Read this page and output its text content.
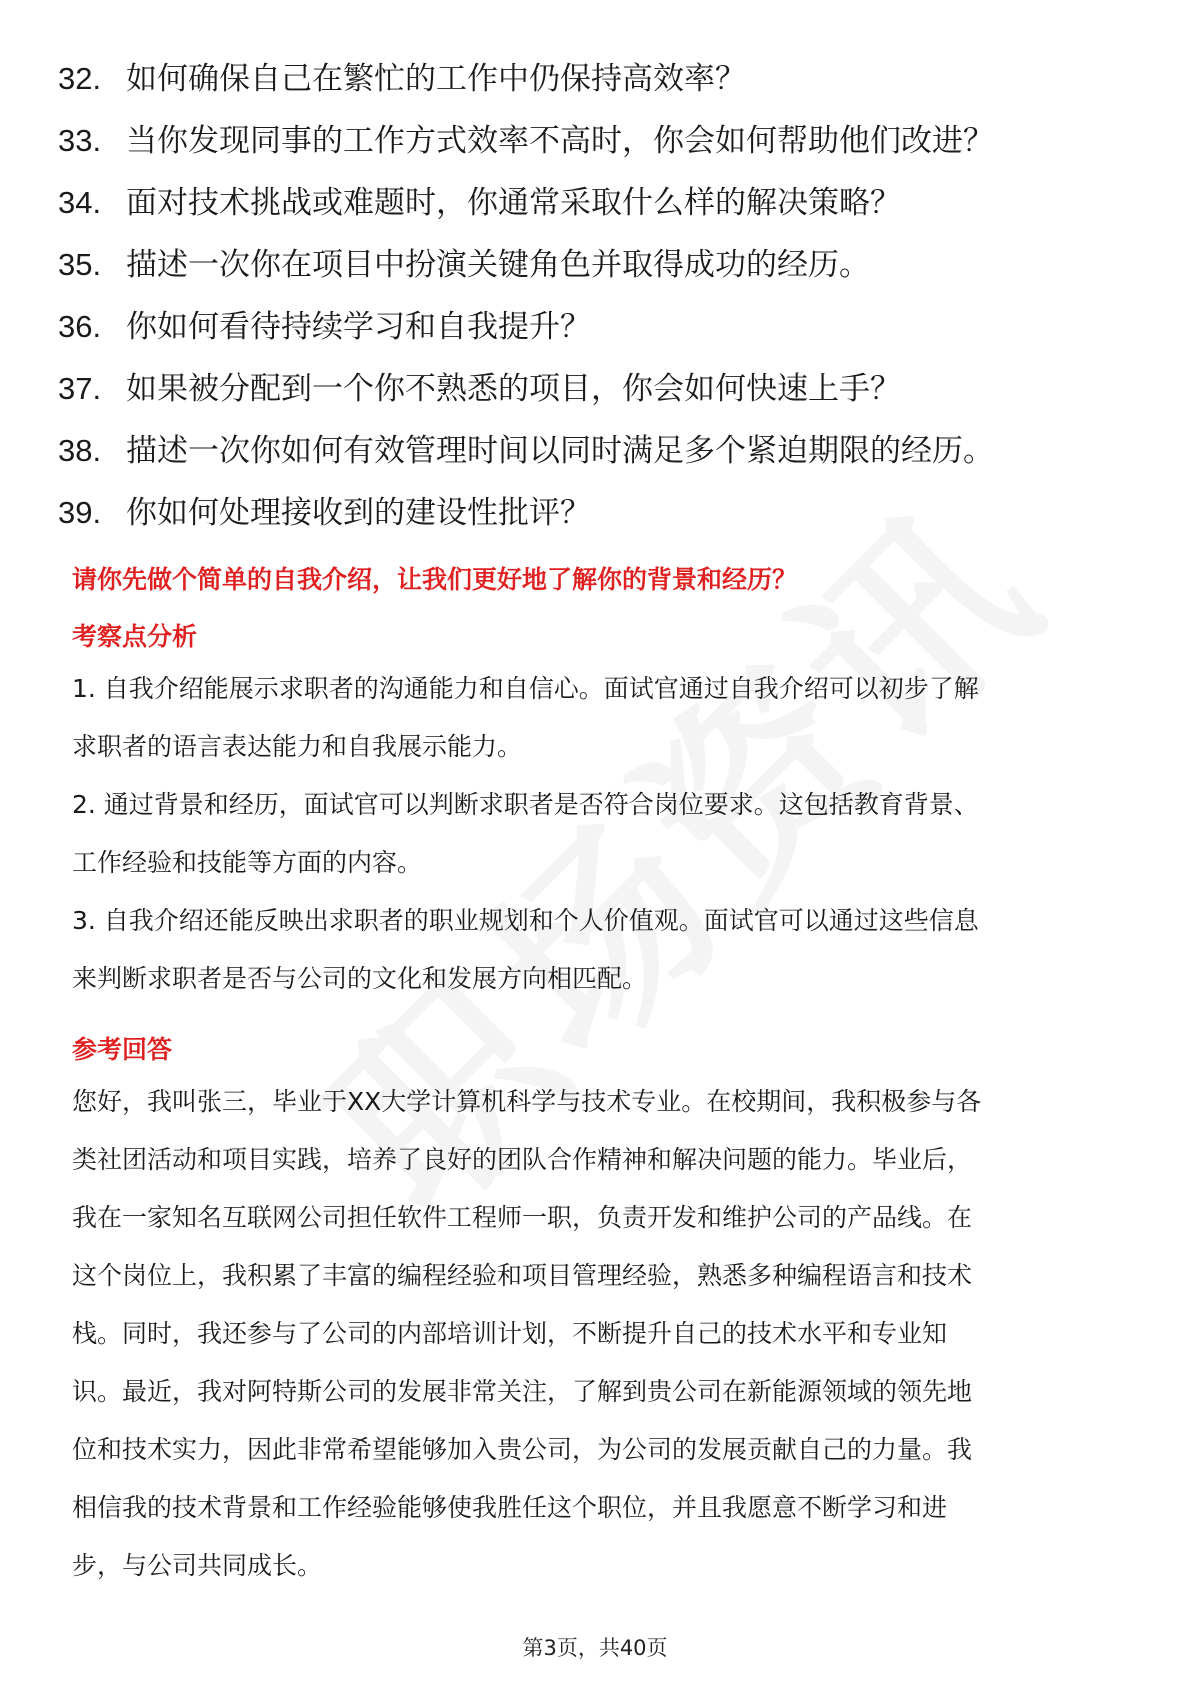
32. 如何确保自己在繁忙的工作中仍保持高效率？
33. 当你发现同事的工作方式效率不高时，你会如何帮助他们改进？
34. 面对技术挑战或难题时，你通常采取什么样的解决策略？
35. 描述一次你在项目中扮演关键角色并取得成功的经历。
36. 你如何看待持续学习和自我提升？
37. 如果被分配到一个你不熟悉的项目，你会如何快速上手？
38. 描述一次你如何有效管理时间以同时满足多个紧迫期限的经历。
39. 你如何处理接收到的建设性批评？
请你先做个简单的自我介绍，让我们更好地了解你的背景和经历？
考察点分析
1. 自我介绍能展示求职者的沟通能力和自信心。面试官通过自我介绍可以初步了解
求职者的语言表达能力和自我展示能力。
2. 通过背景和经历，面试官可以判断求职者是否符合岗位要求。这包括教育背景、
工作经验和技能等方面的内容。
3. 自我介绍还能反映出求职者的职业规划和个人价值观。面试官可以通过这些信息
来判断求职者是否与公司的文化和发展方向相匹配。
参考回答
您好，我叫张三，毕业于XX大学计算机科学与技术专业。在校期间，我积极参与各
类社团活动和项目实践，培养了良好的团队合作精神和解决问题的能力。毕业后，
我在一家知名互联网公司担任软件工程师一职，负责开发和维护公司的产品线。在
这个岗位上，我积累了丰富的编程经验和项目管理经验，熟悉多种编程语言和技术
栈。同时，我还参与了公司的内部培训计划，不断提升自己的技术水平和专业知
识。最近，我对阿特斯公司的发展非常关注，了解到贵公司在新能源领域的领先地
位和技术实力，因此非常希望能够加入贵公司，为公司的发展贡献自己的力量。我
相信我的技术背景和工作经验能够使我胜任这个职位，并且我愿意不断学习和进
步，与公司共同成长。
第3页，共40页
